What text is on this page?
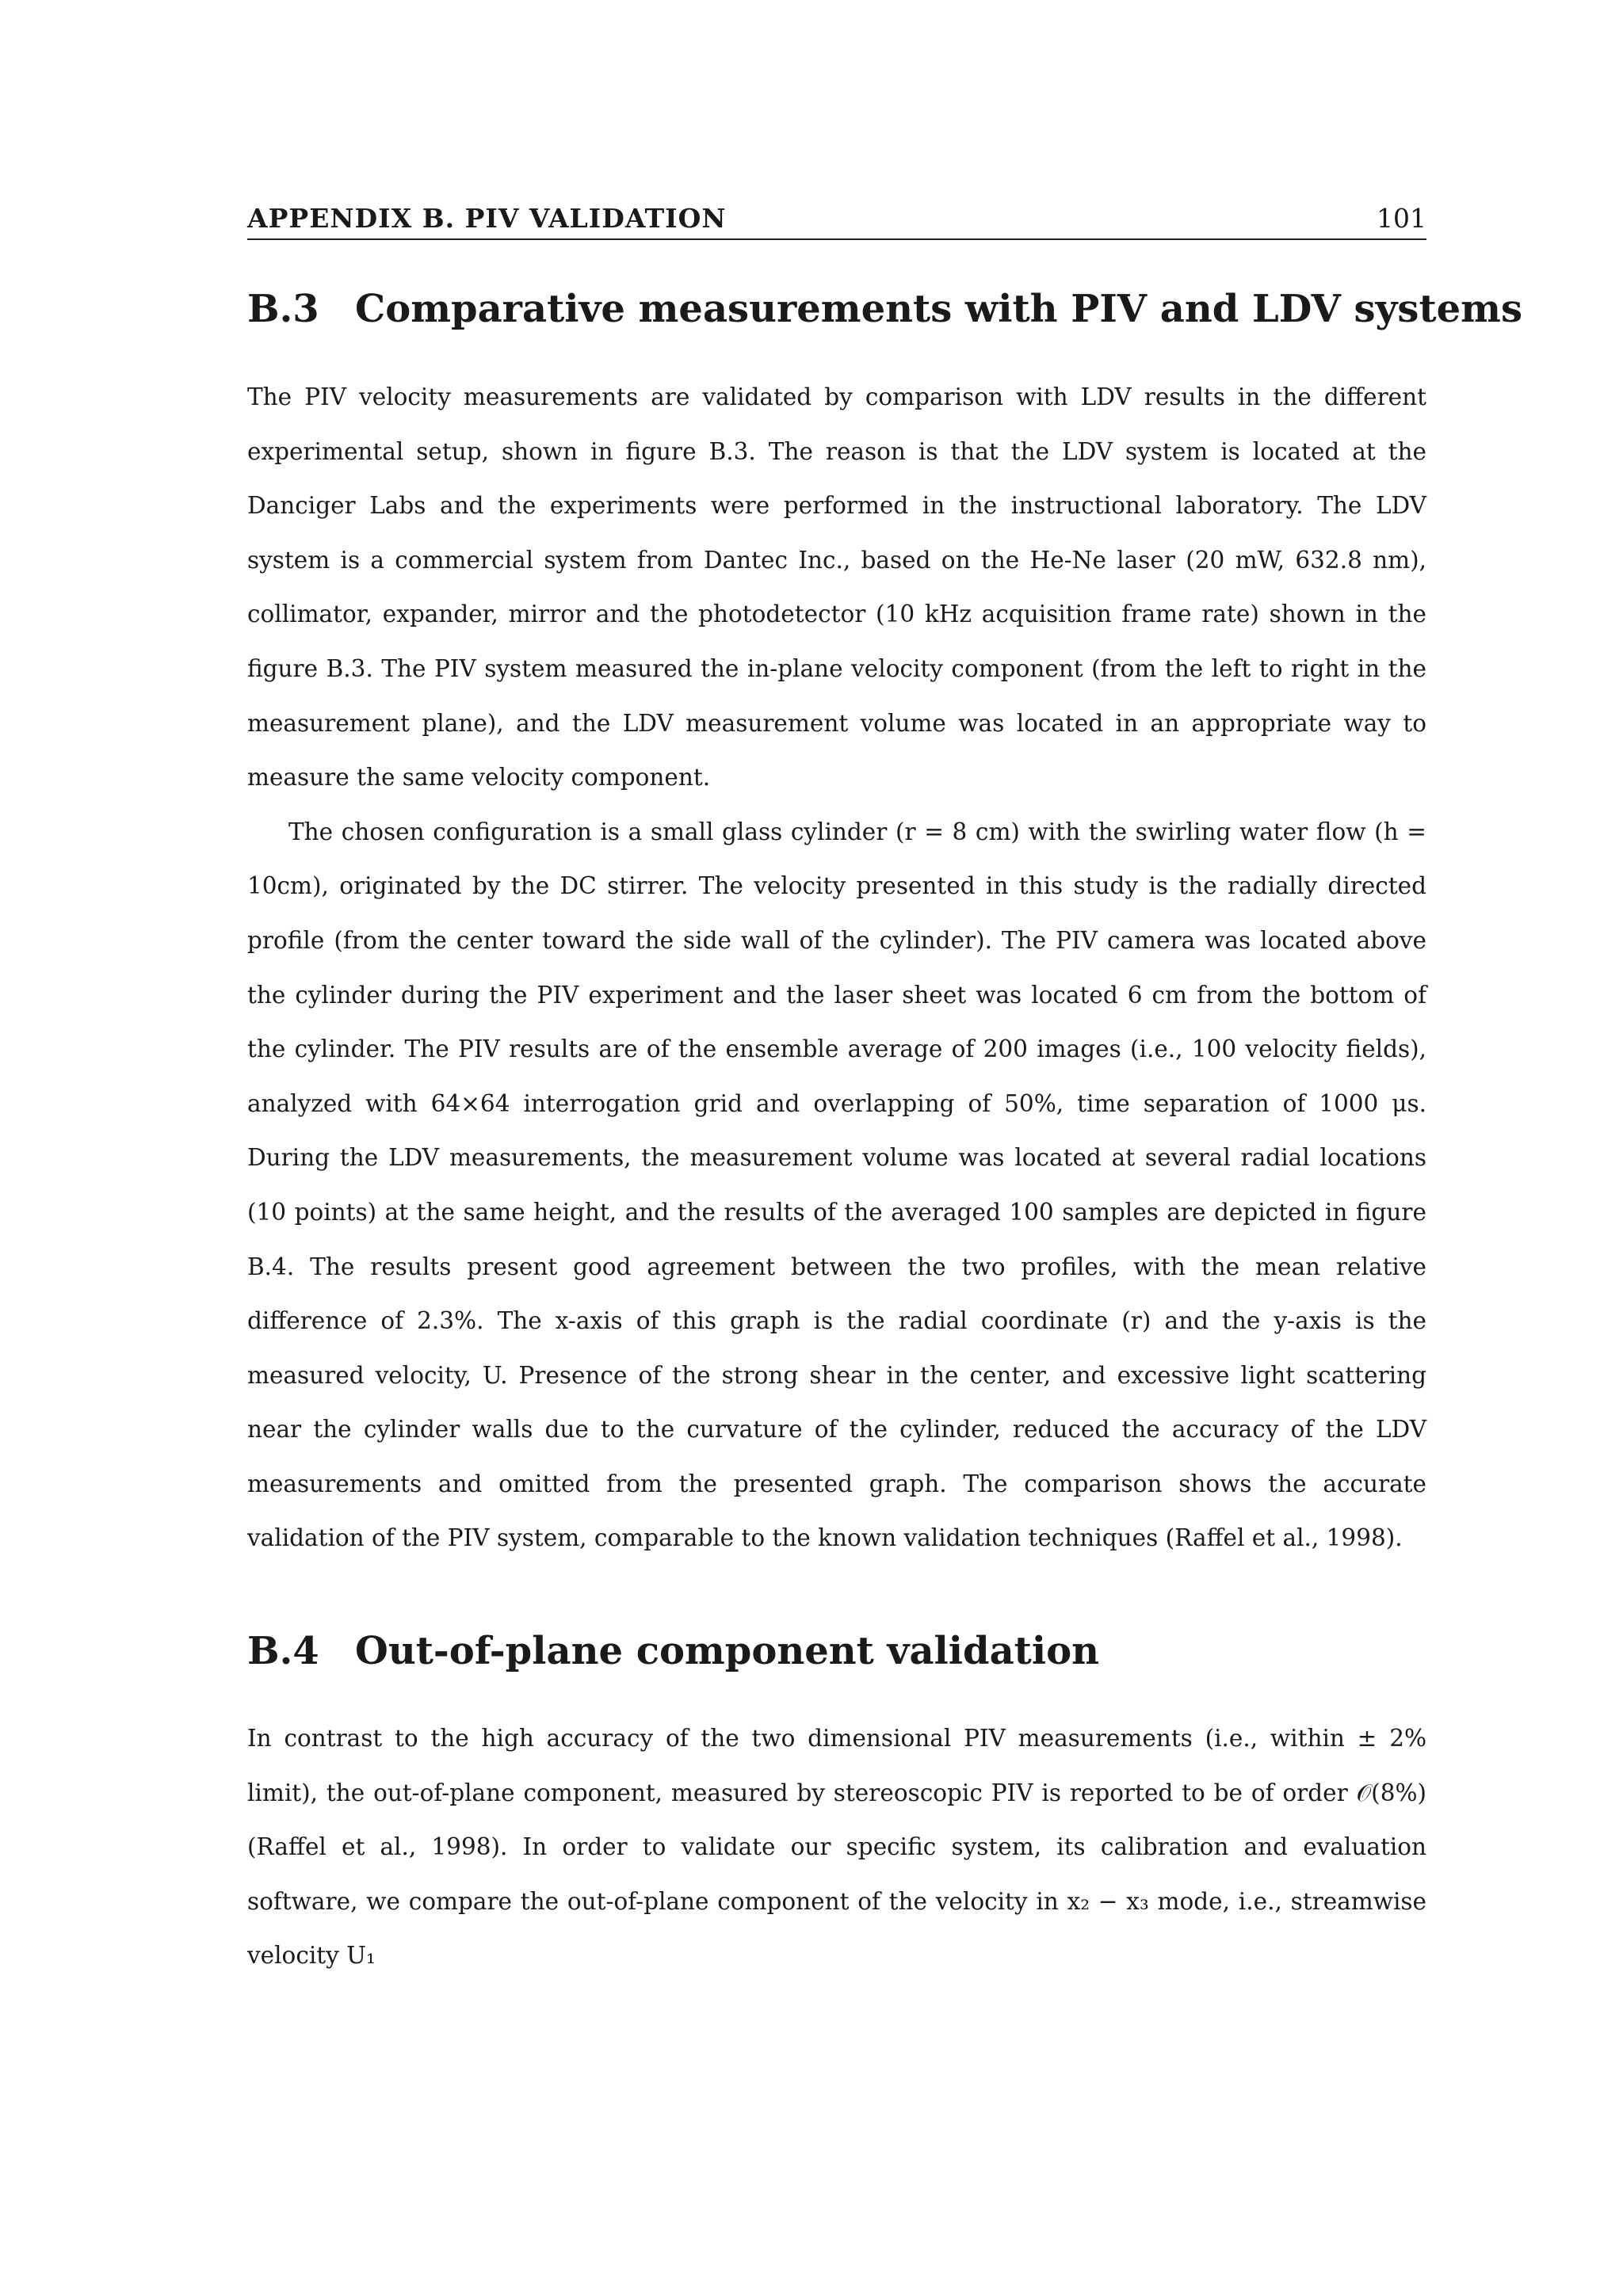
APPENDIX B. PIV VALIDATION	101
B.3 Comparative measurements with PIV and LDV systems

The PIV velocity measurements are validated by comparison with LDV results in the different experimental setup, shown in figure B.3. The reason is that the LDV system is located at the Danciger Labs and the experiments were performed in the instructional laboratory. The LDV system is a commercial system from Dantec Inc., based on the He-Ne laser (20 mW, 632.8 nm), collimator, expander, mirror and the photodetector (10 kHz acquisition frame rate) shown in the figure B.3. The PIV system measured the in-plane velocity component (from the left to right in the measurement plane), and the LDV measurement volume was located in an appropriate way to measure the same velocity component.

The chosen configuration is a small glass cylinder (r = 8 cm) with the swirling water flow (h = 10cm), originated by the DC stirrer. The velocity presented in this study is the radially directed profile (from the center toward the side wall of the cylinder). The PIV camera was located above the cylinder during the PIV experiment and the laser sheet was located 6 cm from the bottom of the cylinder. The PIV results are of the ensemble average of 200 images (i.e., 100 velocity fields), analyzed with 64×64 interrogation grid and overlapping of 50%, time separation of 1000 μs. During the LDV measurements, the measurement volume was located at several radial locations (10 points) at the same height, and the results of the averaged 100 samples are depicted in figure B.4. The results present good agreement between the two profiles, with the mean relative difference of 2.3%. The x-axis of this graph is the radial coordinate (r) and the y-axis is the measured velocity, U. Presence of the strong shear in the center, and excessive light scattering near the cylinder walls due to the curvature of the cylinder, reduced the accuracy of the LDV measurements and omitted from the presented graph. The comparison shows the accurate validation of the PIV system, comparable to the known validation techniques (Raffel et al., 1998).

B.4 Out-of-plane component validation

In contrast to the high accuracy of the two dimensional PIV measurements (i.e., within ± 2% limit), the out-of-plane component, measured by stereoscopic PIV is reported to be of order 𝒪(8%) (Raffel et al., 1998). In order to validate our specific system, its calibration and evaluation software, we compare the out-of-plane component of the velocity in x₂ − x₃ mode, i.e., streamwise velocity U₁
